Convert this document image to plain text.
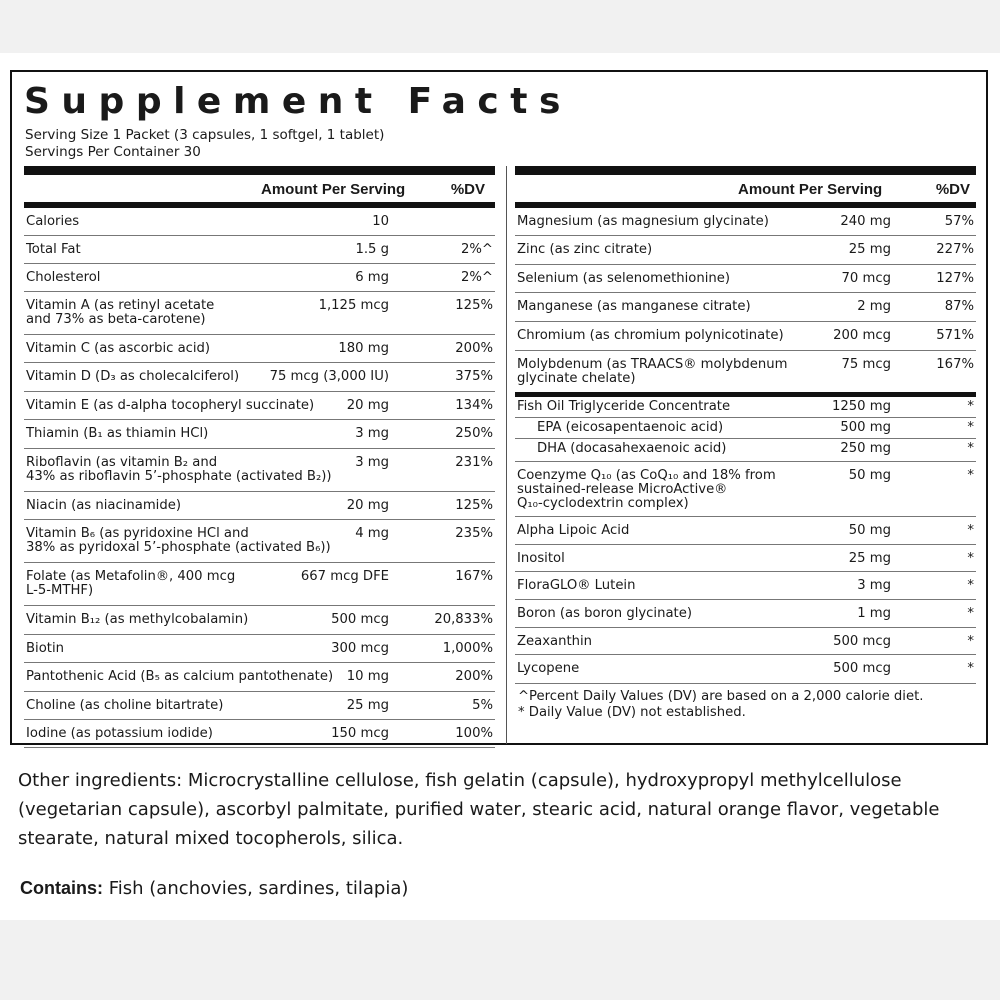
Supplement Facts
Serving Size 1 Packet (3 capsules, 1 softgel, 1 tablet)
Servings Per Container 30
Amount Per Serving	%DV
Calories	10
Total Fat	1.5 g	2%^
Cholesterol	6 mg	2%^
Vitamin A (as retinyl acetate
and 73% as beta-carotene)
1,125 mcg	125%
Vitamin C (as ascorbic acid)	180 mg	200%
Vitamin D (D₃ as cholecalciferol) 75 mcg (3,000 IU)	375%
Vitamin E (as d-alpha tocopheryl succinate) 20 mg	134%
Thiamin (B₁ as thiamin HCl)	3 mg	250%
Riboflavin (as vitamin B₂ and
43% as riboflavin 5’-phosphate (activated B₂))
3 mg	231%
Niacin (as niacinamide)	20 mg	125%
Vitamin B₆ (as pyridoxine HCl and
38% as pyridoxal 5’-phosphate (activated B₆))
4 mg	235%
Folate (as Metafolin®, 400 mcg
L-5-MTHF)
667 mcg DFE	167%
Vitamin B₁₂ (as methylcobalamin)	500 mcg	20,833%
Biotin	300 mcg	1,000%
Pantothenic Acid (B₅ as calcium pantothenate) 10 mg	200%
Choline (as choline bitartrate)	25 mg	5%
Iodine (as potassium iodide)	150 mcg	100%
Amount Per Serving	%DV
Magnesium (as magnesium glycinate)	240 mg	57%
Zinc (as zinc citrate)	25 mg	227%
Selenium (as selenomethionine)	70 mcg	127%
Manganese (as manganese citrate)	2 mg	87%
Chromium (as chromium polynicotinate)	200 mcg	571%
Molybdenum (as TRAACS® molybdenum
glycinate chelate)
75 mcg	167%
Fish Oil Triglyceride Concentrate	1250 mg	*
EPA (eicosapentaenoic acid)	500 mg	*
DHA (docasahexaenoic acid)	250 mg	*
Coenzyme Q₁₀ (as CoQ₁₀ and 18% from
sustained-release MicroActive®
Q₁₀-cyclodextrin complex)
50 mg	*
Alpha Lipoic Acid	50 mg	*
Inositol	25 mg	*
FloraGLO® Lutein	3 mg	*
Boron (as boron glycinate)	1 mg	*
Zeaxanthin	500 mcg	*
Lycopene	500 mcg	*
^Percent Daily Values (DV) are based on a 2,000 calorie diet.
* Daily Value (DV) not established.
Other ingredients: Microcrystalline cellulose, fish gelatin (capsule), hydroxypropyl methylcellulose (vegetarian capsule), ascorbyl palmitate, purified water, stearic acid, natural orange flavor, vegetable stearate, natural mixed tocopherols, silica.
Contains: Fish (anchovies, sardines, tilapia)
